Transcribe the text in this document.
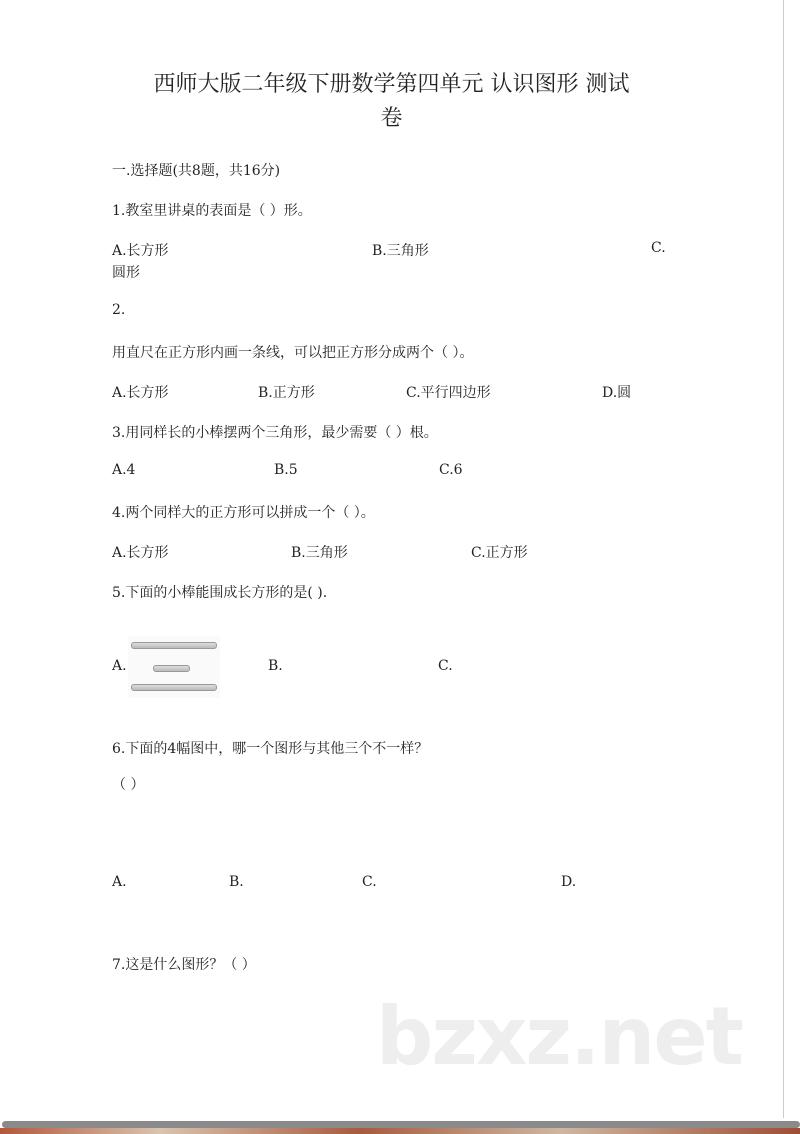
西师大版二年级下册数学第四单元 认识图形 测试
卷
一.选择题(共8题，共16分)
1.教室里讲桌的表面是（ ）形。
A.长方形	B.三角形	C.
圆形
2.
用直尺在正方形内画一条线，可以把正方形分成两个（ ）。
A.长方形	B.正方形	C.平行四边形	D.圆
3.用同样长的小棒摆两个三角形，最少需要（ ）根。
A.4	B.5	C.6
4.两个同样大的正方形可以拼成一个（ ）。
A.长方形	B.三角形	C.正方形
5.下面的小棒能围成长方形的是( ).
A.	B.	C.
6.下面的4幅图中，哪一个图形与其他三个不一样？
（ ）
A.	B.	C.	D.
7.这是什么图形？（ ）
bzxz.net
